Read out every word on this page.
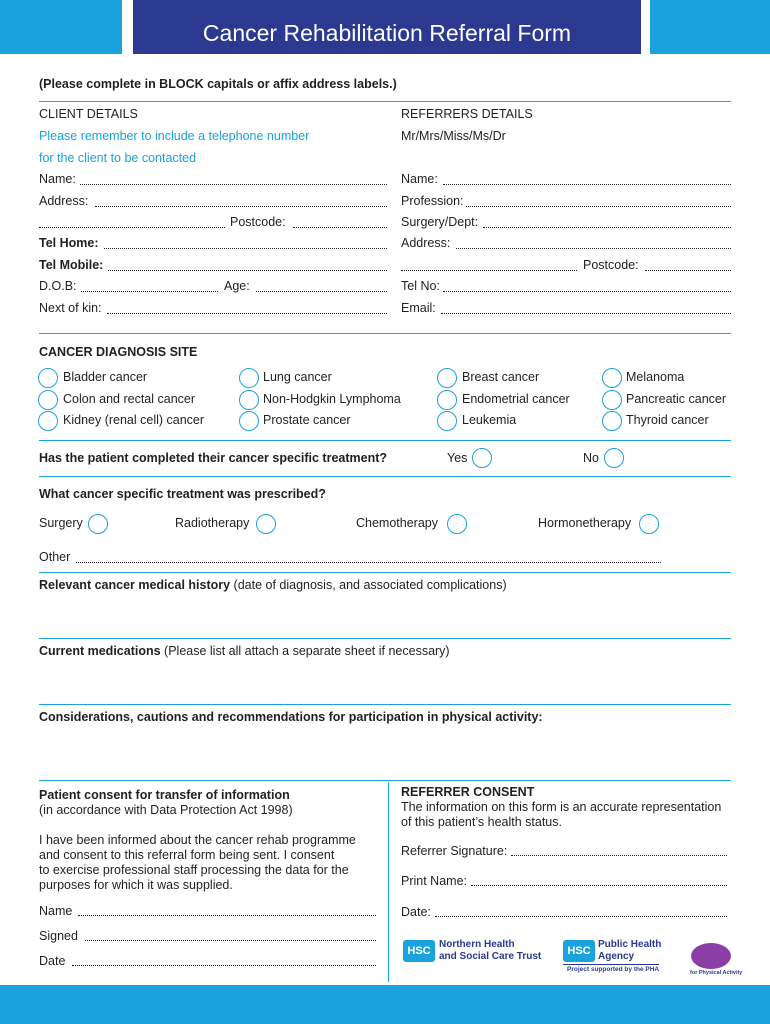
Cancer Rehabilitation Referral Form
(Please complete in BLOCK capitals or affix address labels.)
CLIENT DETAILS
Please remember to include a telephone number
for the client to be contacted
Name:
Address:
Postcode:
Tel Home:
Tel Mobile:
D.O.B:	Age:
Next of kin:
REFERRERS DETAILS
Mr/Mrs/Miss/Ms/Dr
Name:
Profession:
Surgery/Dept:
Address:
Postcode:
Tel No:
Email:
CANCER DIAGNOSIS SITE
Bladder cancer	Lung cancer	Breast cancer	Melanoma
Colon and rectal cancer	Non-Hodgkin Lymphoma	Endometrial cancer	Pancreatic cancer
Kidney (renal cell) cancer	Prostate cancer	Leukemia	Thyroid cancer
Has the patient completed their cancer specific treatment?	Yes	No
What cancer specific treatment was prescribed?
Surgery	Radiotherapy	Chemotherapy	Hormonetherapy
Other
Relevant cancer medical history (date of diagnosis, and associated complications)
Current medications (Please list all attach a separate sheet if necessary)
Considerations, cautions and recommendations for participation in physical activity:
Patient consent for transfer of information
(in accordance with Data Protection Act 1998)
I have been informed about the cancer rehab programme
and consent to this referral form being sent. I consent
to exercise professional staff processing the data for the
purposes for which it was supplied.
Name
Signed
Date
REFERRER CONSENT
The information on this form is an accurate representation
of this patient’s health status.
Referrer Signature:
Print Name:
Date:
HSC
Northern Health
and Social Care Trust	HSC
Public Health
Agency
Project supported by the PHA	for Physical Activity
